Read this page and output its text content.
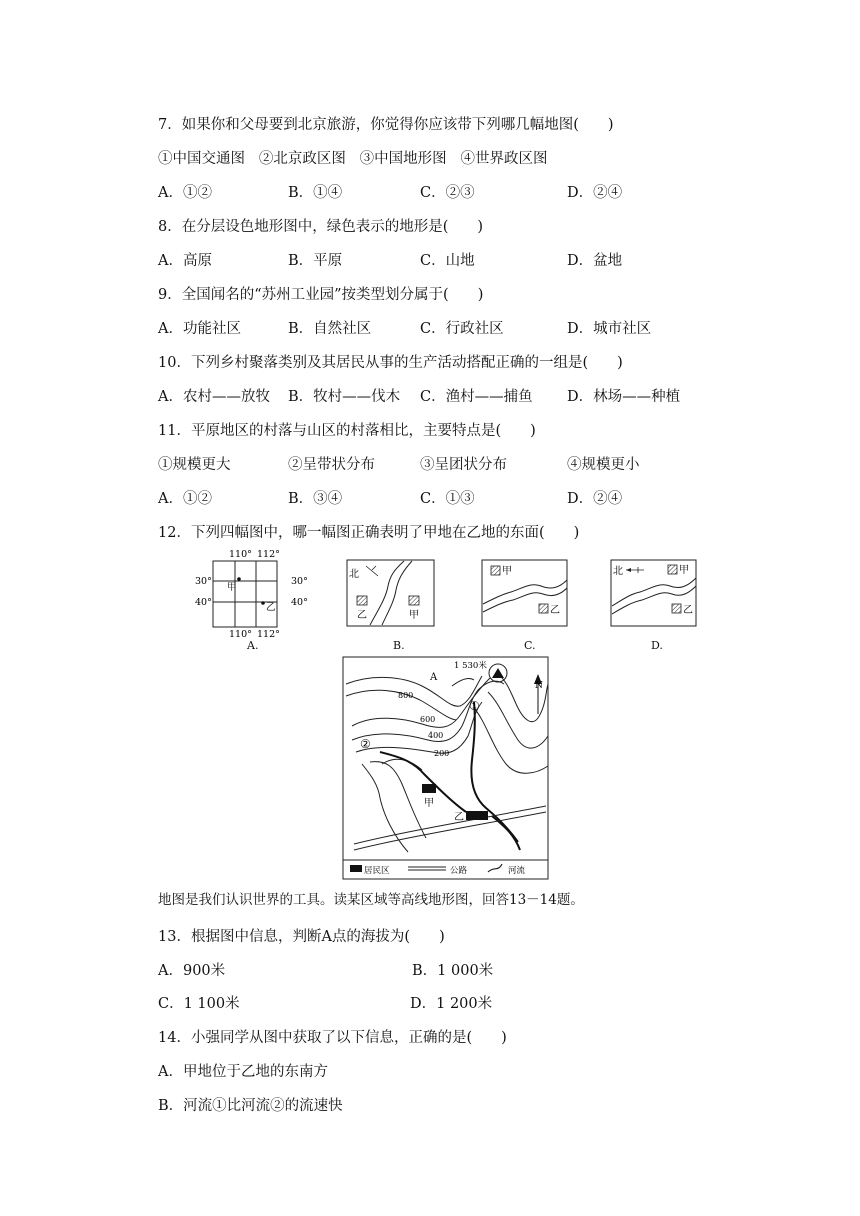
7．如果你和父母要到北京旅游，你觉得你应该带下列哪几幅地图(　　)
①中国交通图 ②北京政区图 ③中国地形图 ④世界政区图
A．①②	B．①④	C．②③	D．②④
8．在分层设色地形图中，绿色表示的地形是(　　)
A．高原	B．平原	C．山地	D．盆地
9．全国闻名的“苏州工业园”按类型划分属于(　　)
A．功能社区	B．自然社区	C．行政社区	D．城市社区
10．下列乡村聚落类别及其居民从事的生产活动搭配正确的一组是(　　)
A．农村——放牧 B．牧村——伐木 C．渔村——捕鱼 D．林场——种植
11．平原地区的村落与山区的村落相比，主要特点是(　　)
①规模更大	②呈带状分布	③呈团状分布	④规模更小
A．①②	B．③④	C．①③	D．②④
12．下列四幅图中，哪一幅图正确表明了甲地在乙地的东面(　　)
110° 112°
110° 112°
30°	30°
40°	40°
甲
乙
A.
北
乙	甲
B.
甲
乙
C.
北	甲
乙
D.
1 530米
A
800
600
400
200
①
②
N
甲
乙
居民区	公路	河流
地图是我们认识世界的工具。读某区域等高线地形图，回答13－14题。
13．根据图中信息，判断A点的海拔为(　　)
A．900米	B．1 000米
C．1 100米	D．1 200米
14．小强同学从图中获取了以下信息，正确的是(　　)
A．甲地位于乙地的东南方
B．河流①比河流②的流速快
